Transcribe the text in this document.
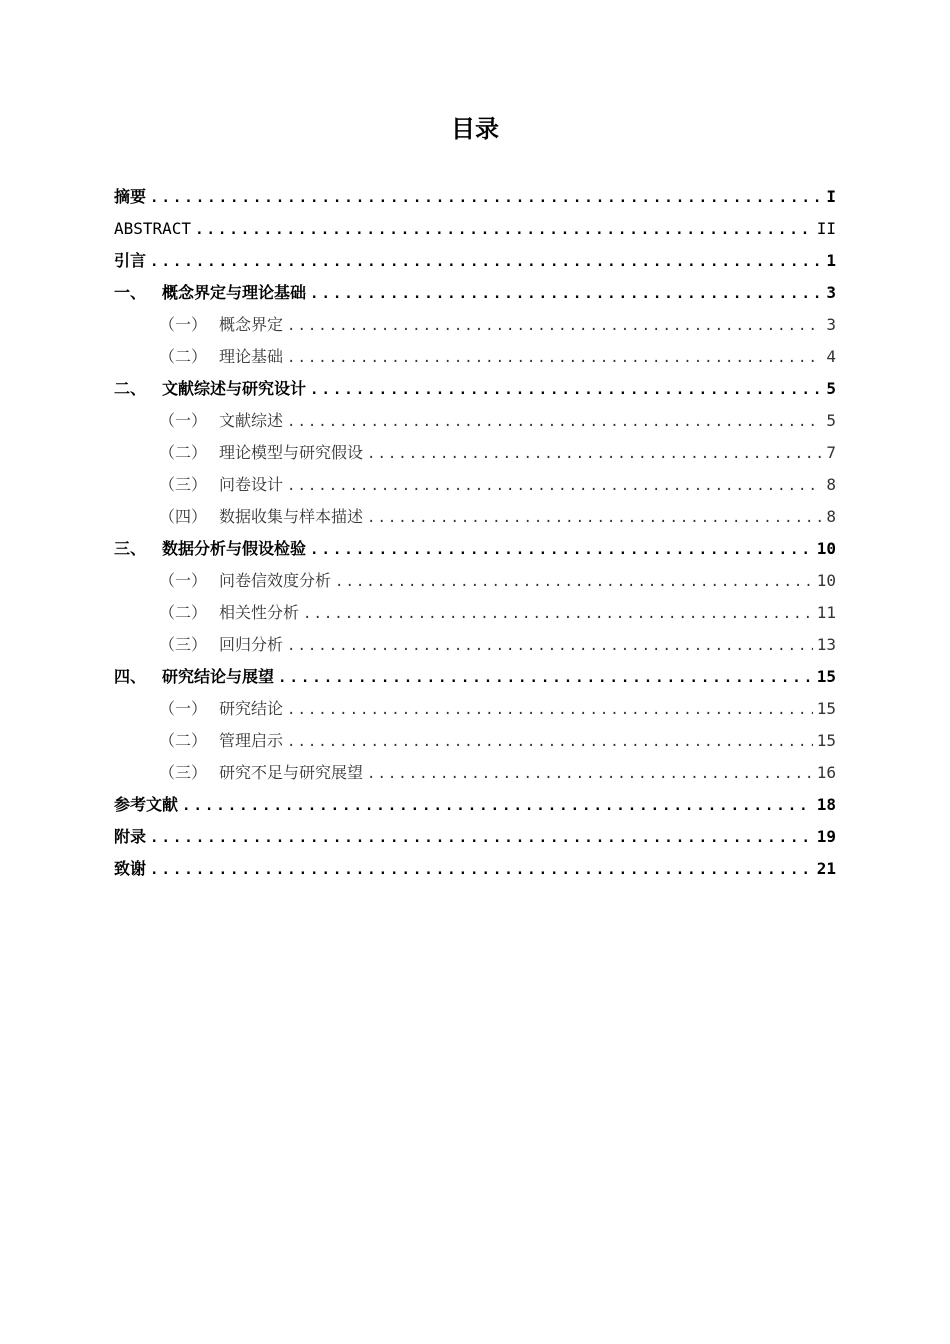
目录
摘要 .....	I
ABSTRACT .....	II
引言 .....	1
一、 概念界定与理论基础 .....	3
（一） 概念界定 .....	3
（二） 理论基础 .....	4
二、 文献综述与研究设计 .....	5
（一） 文献综述 .....	5
（二） 理论模型与研究假设 .....	7
（三） 问卷设计 .....	8
（四） 数据收集与样本描述 .....	8
三、 数据分析与假设检验 .....	10
（一） 问卷信效度分析 .....	10
（二） 相关性分析 .....	11
（三） 回归分析 .....	13
四、 研究结论与展望 .....	15
（一） 研究结论 .....	15
（二） 管理启示 .....	15
（三） 研究不足与研究展望 .....	16
参考文献 .....	18
附录 .....	19
致谢 .....	21
